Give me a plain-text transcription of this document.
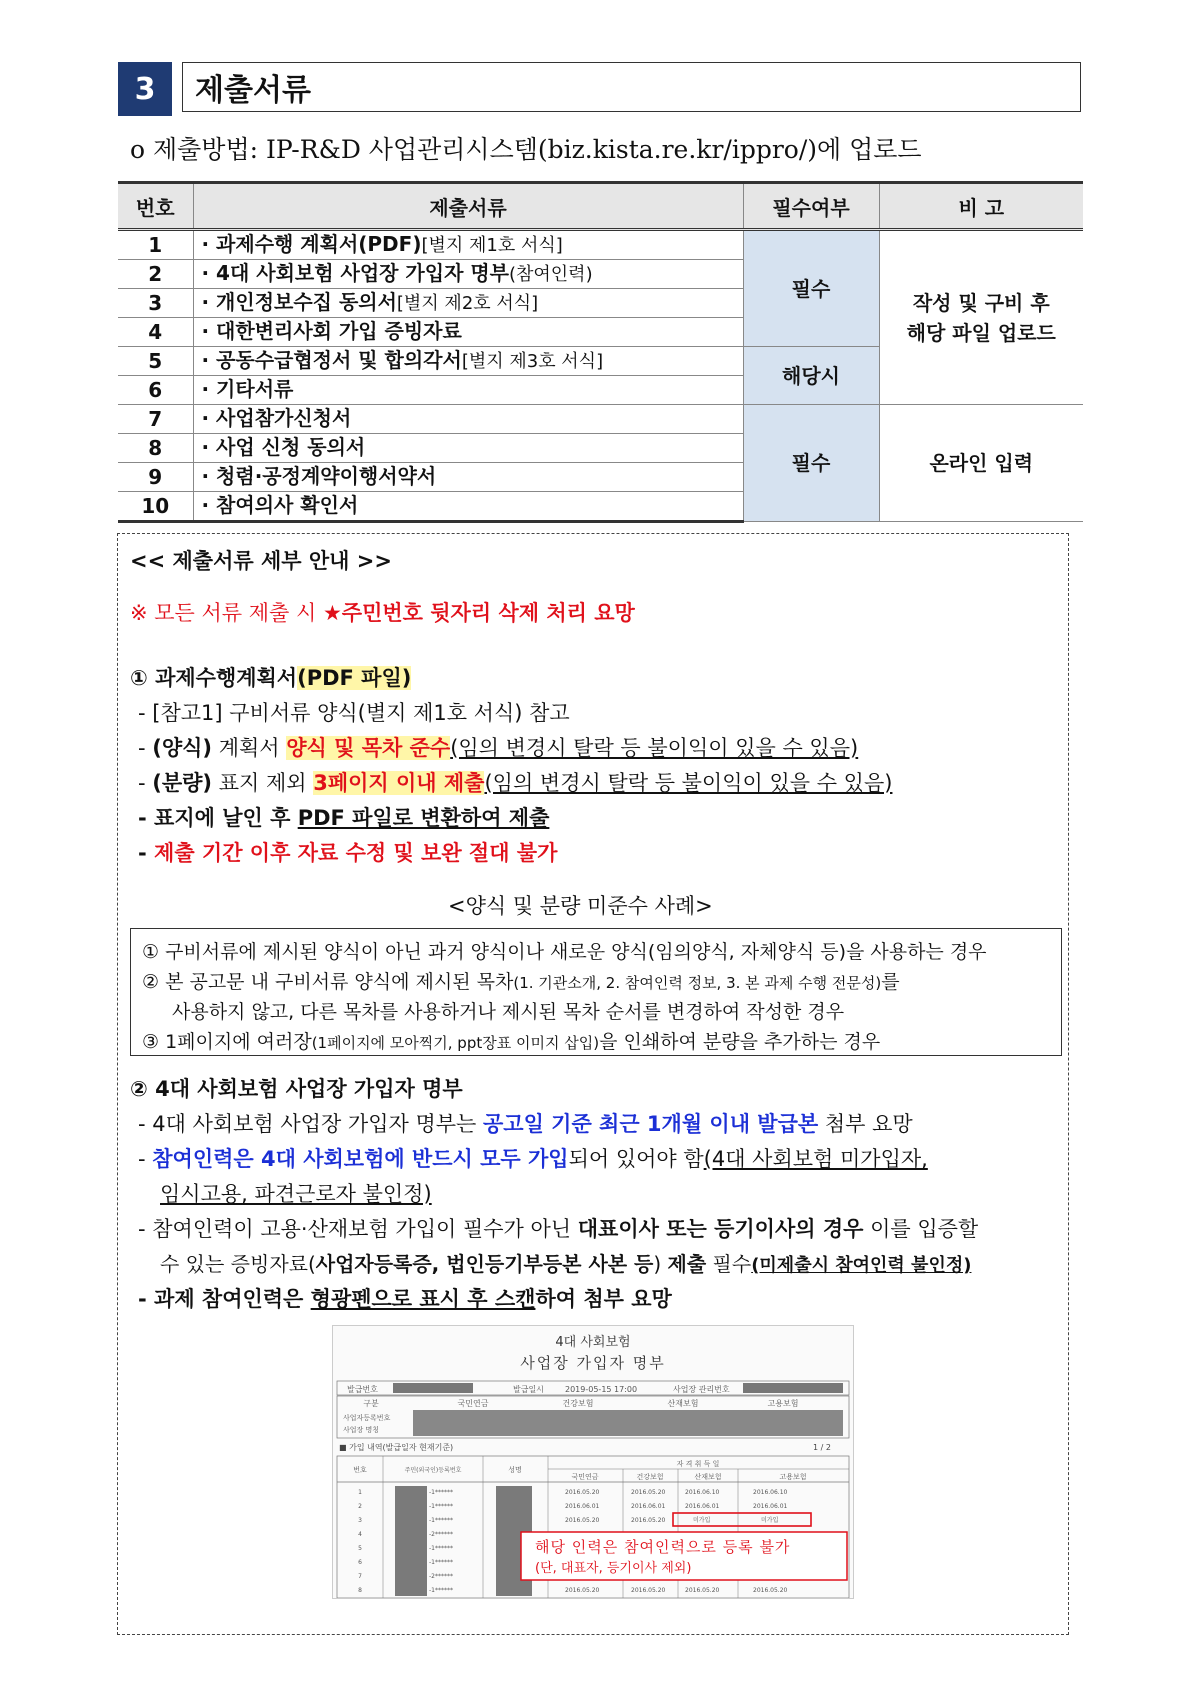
3	제출서류
o 제출방법: IP-R&D 사업관리시스템(biz.kista.re.kr/ippro/)에 업로드
번호	제출서류	필수여부	비 고
1	· 과제수행 계획서(PDF)[별지 제1호 서식]	필수	작성 및 구비 후
해당 파일 업로드
2	· 4대 사회보험 사업장 가입자 명부(참여인력)		
3	· 개인정보수집 동의서[별지 제2호 서식]		
4	· 대한변리사회 가입 증빙자료		
5	· 공동수급협정서 및 합의각서[별지 제3호 서식]	해당시	
6	· 기타서류		
7	· 사업참가신청서	필수	온라인 입력
8	· 사업 신청 동의서		
9	· 청렴·공정계약이행서약서		
10	· 참여의사 확인서		
<< 제출서류 세부 안내 >>
※ 모든 서류 제출 시 ★주민번호 뒷자리 삭제 처리 요망
① 과제수행계획서(PDF 파일)
- [참고1] 구비서류 양식(별지 제1호 서식) 참고
- (양식) 계획서 양식 및 목차 준수(임의 변경시 탈락 등 불이익이 있을 수 있음)
- (분량) 표지 제외 3페이지 이내 제출(임의 변경시 탈락 등 불이익이 있을 수 있음)
- 표지에 날인 후 PDF 파일로 변환하여 제출
- 제출 기간 이후 자료 수정 및 보완 절대 불가
<양식 및 분량 미준수 사례>
① 구비서류에 제시된 양식이 아닌 과거 양식이나 새로운 양식(임의양식, 자체양식 등)을 사용하는 경우
② 본 공고문 내 구비서류 양식에 제시된 목차(1. 기관소개, 2. 참여인력 정보, 3. 본 과제 수행 전문성)를
사용하지 않고, 다른 목차를 사용하거나 제시된 목차 순서를 변경하여 작성한 경우
③ 1페이지에 여러장(1페이지에 모아찍기, ppt장표 이미지 삽입)을 인쇄하여 분량을 추가하는 경우
② 4대 사회보험 사업장 가입자 명부
- 4대 사회보험 사업장 가입자 명부는 공고일 기준 최근 1개월 이내 발급본 첨부 요망
- 참여인력은 4대 사회보험에 반드시 모두 가입되어 있어야 함(4대 사회보험 미가입자,
임시고용, 파견근로자 불인정)
- 참여인력이 고용·산재보험 가입이 필수가 아닌 대표이사 또는 등기이사의 경우 이를 입증할
수 있는 증빙자료(사업자등록증, 법인등기부등본 사본 등) 제출 필수(미제출시 참여인력 불인정)
- 과제 참여인력은 형광펜으로 표시 후 스캔하여 첨부 요망
4대 사회보험
사업장 가입자 명부
발급번호	발급일시	2019-05-15 17:00	사업장 관리번호
구분	국민연금	건강보험	산재보험	고용보험
사업자등록번호
사업장 명칭
■ 가입 내역(발급일자 현재기준)	1 / 2
번호	주민(외국인)등록번호	성명
자 격 취 득 일
국민연금	건강보험	산재보험	고용보험
1	-1******	2016.05.20	2016.05.20	2016.06.10	2016.06.10
2	-1******	2016.06.01	2016.06.01	2016.06.01	2016.06.01
3	-1******	2016.05.20	2016.05.20	미가입	미가입
4	-2******
5	-1******
6	-1******
7	-2******
8	-1******	2016.05.20	2016.05.20	2016.05.20	2016.05.20
해당 인력은 참여인력으로 등록 불가
(단, 대표자, 등기이사 제외)
